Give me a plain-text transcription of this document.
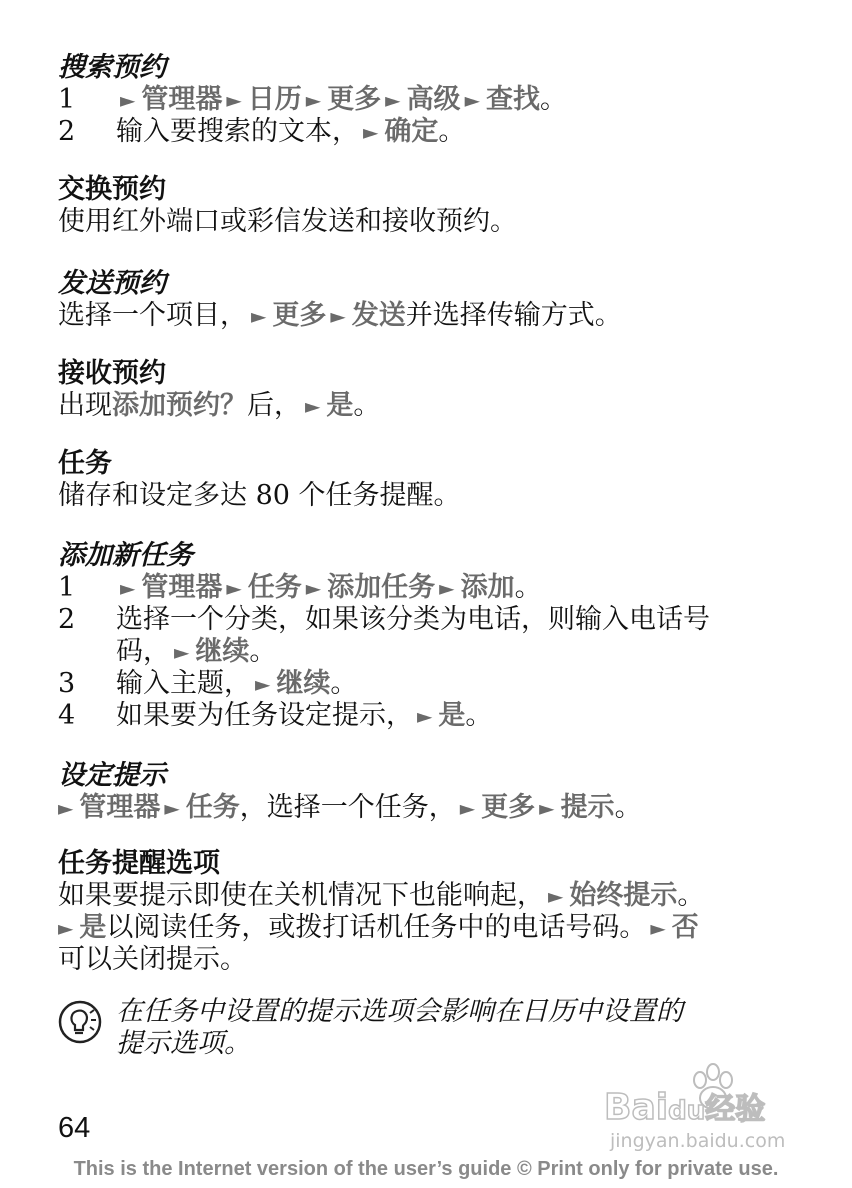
搜索预约
1 ► 管理器 ► 日历 ► 更多 ► 高级 ► 查找。
2 输入要搜索的文本， ► 确定。
交换预约
使用红外端口或彩信发送和接收预约。
发送预约
选择一个项目， ► 更多 ► 发送并选择传输方式。
接收预约
出现添加预约？后， ► 是。
任务
储存和设定多达 80 个任务提醒。
添加新任务
1 ► 管理器 ► 任务 ► 添加任务 ► 添加。
2 选择一个分类，如果该分类为电话，则输入电话号
码， ► 继续。
3 输入主题， ► 继续。
4 如果要为任务设定提示， ► 是。
设定提示
► 管理器 ► 任务，选择一个任务， ► 更多 ► 提示。
任务提醒选项
如果要提示即使在关机情况下也能响起， ► 始终提示。
► 是以阅读任务，或拨打话机任务中的电话号码。 ► 否
可以关闭提示。
在任务中设置的提示选项会影响在日历中设置的
提示选项。
Baidu经验
jingyan.baidu.com
64
This is the Internet version of the user’s guide © Print only for private use.
